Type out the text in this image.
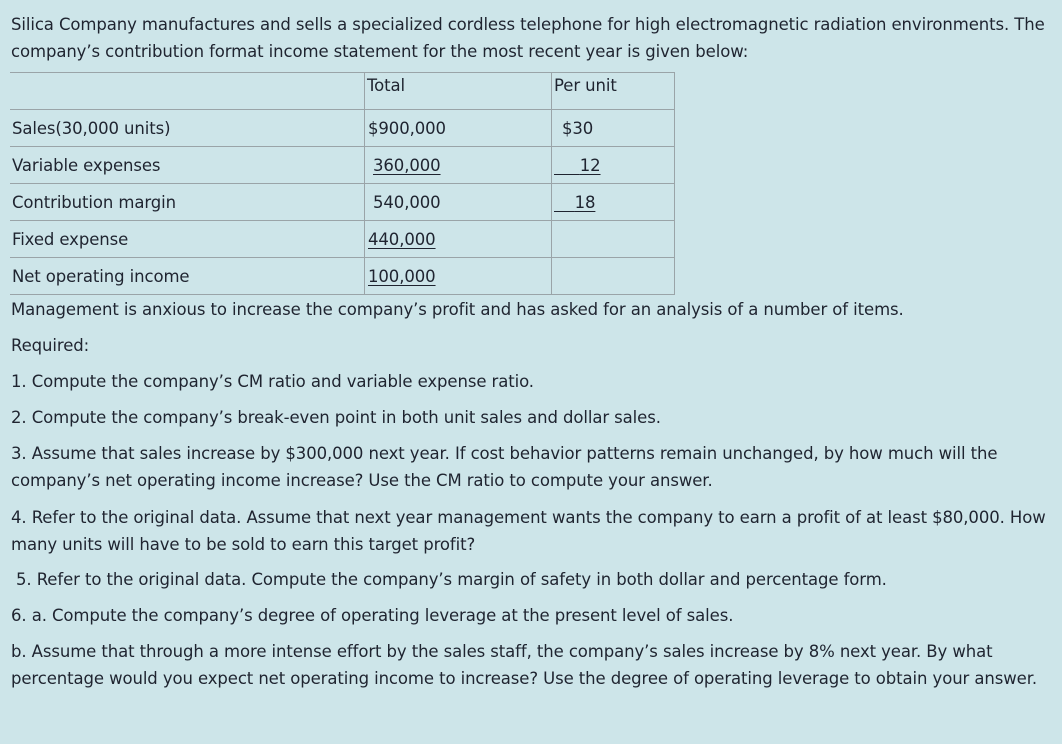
Silica Company manufactures and sells a specialized cordless telephone for high electromagnetic radiation environments. The company’s contribution format income statement for the most recent year is given below:

	Total	Per unit

Sales(30,000 units)	$900,000	$30
Variable expenses	360,000	12
Contribution margin	540,000	18
Fixed expense	440,000	
Net operating income	100,000	
Management is anxious to increase the company’s profit and has asked for an analysis of a number of items.
Required:
1. Compute the company’s CM ratio and variable expense ratio.
2. Compute the company’s break-even point in both unit sales and dollar sales.
3. Assume that sales increase by $300,000 next year. If cost behavior patterns remain unchanged, by how much will the company’s net operating income increase? Use the CM ratio to compute your answer.
4. Refer to the original data. Assume that next year management wants the company to earn a profit of at least $80,000. How many units will have to be sold to earn this target profit?
5. Refer to the original data. Compute the company’s margin of safety in both dollar and percentage form.
6. a. Compute the company’s degree of operating leverage at the present level of sales.
b. Assume that through a more intense effort by the sales staff, the company’s sales increase by 8% next year. By what percentage would you expect net operating income to increase? Use the degree of operating leverage to obtain your answer.
